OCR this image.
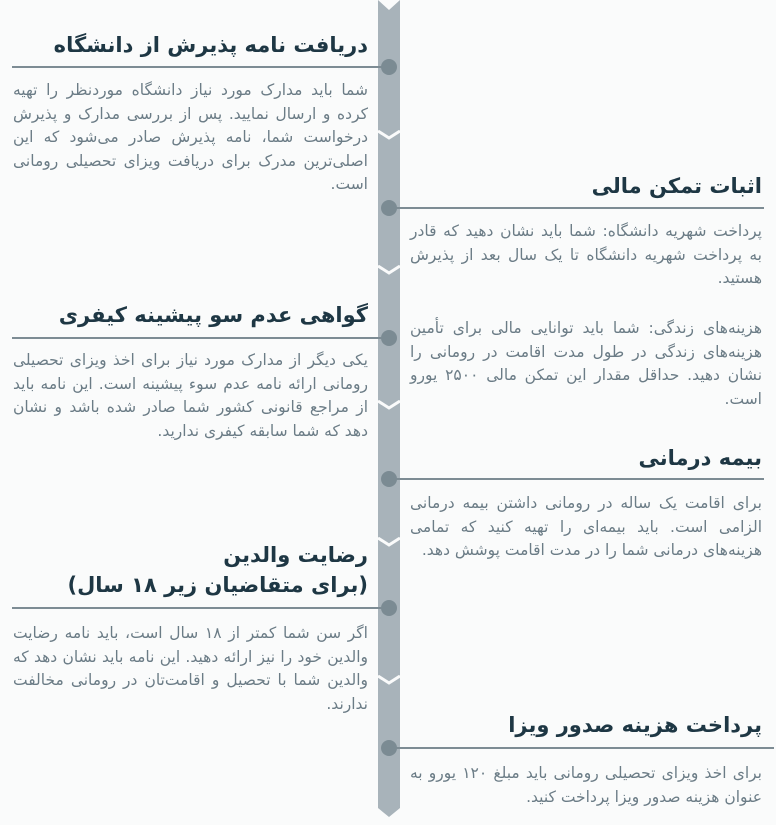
دریافت نامه پذیرش از دانشگاه

شما باید مدارک مورد نیاز دانشگاه موردنظر را تهیه کرده و ارسال نمایید. پس از بررسی مدارک و پذیرش درخواست شما، نامه پذیرش صادر می‌شود که این اصلی‌ترین مدرک برای دریافت ویزای تحصیلی رومانی است.	اثبات تمکن مالی

پرداخت شهریه دانشگاه: شما باید نشان دهید که قادر به پرداخت شهریه دانشگاه تا یک سال بعد از پذیرش هستید.

هزینه‌های زندگی: شما باید توانایی مالی برای تأمین هزینه‌های زندگی در طول مدت اقامت در رومانی را نشان دهید. حداقل مقدار این تمکن مالی ۲۵۰۰ یورو است.

گواهی عدم سو پیشینه کیفری

یکی دیگر از مدارک مورد نیاز برای اخذ ویزای تحصیلی رومانی ارائه نامه عدم سوء پیشینه است. این نامه باید از مراجع قانونی کشور شما صادر شده باشد و نشان دهد که شما سابقه کیفری ندارید.

بیمه درمانی

برای اقامت یک ساله در رومانی داشتن بیمه درمانی الزامی است. باید بیمه‌ای را تهیه کنید که تمامی هزینه‌های درمانی شما را در مدت اقامت پوشش دهد.

رضایت والدین
(برای متقاضیان زیر ۱۸ سال)

اگر سن شما کمتر از ۱۸ سال است، باید نامه رضایت والدین خود را نیز ارائه دهید. این نامه باید نشان دهد که والدین شما با تحصیل و اقامت‌تان در رومانی مخالفت ندارند.

پرداخت هزینه صدور ویزا

برای اخذ ویزای تحصیلی رومانی باید مبلغ ۱۲۰ یورو به عنوان هزینه صدور ویزا پرداخت کنید.
